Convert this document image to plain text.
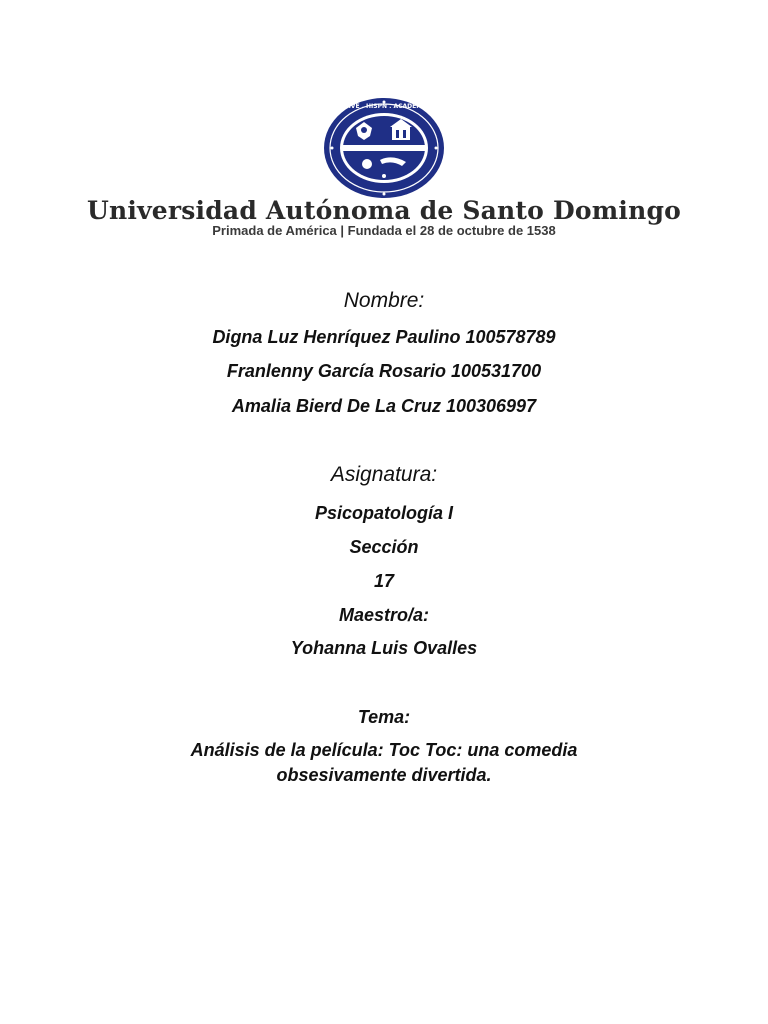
NIVE . HISPN . ACADEMI
Universidad Autónoma de Santo Domingo
Primada de América | Fundada el 28 de octubre de 1538
Nombre:
Digna Luz Henríquez Paulino 100578789
Franlenny García Rosario 100531700
Amalia Bierd De La Cruz 100306997
Asignatura:
Psicopatología I
Sección
17
Maestro/a:
Yohanna Luis Ovalles
Tema:
Análisis de la película: Toc Toc: una comedia
obsesivamente divertida.
